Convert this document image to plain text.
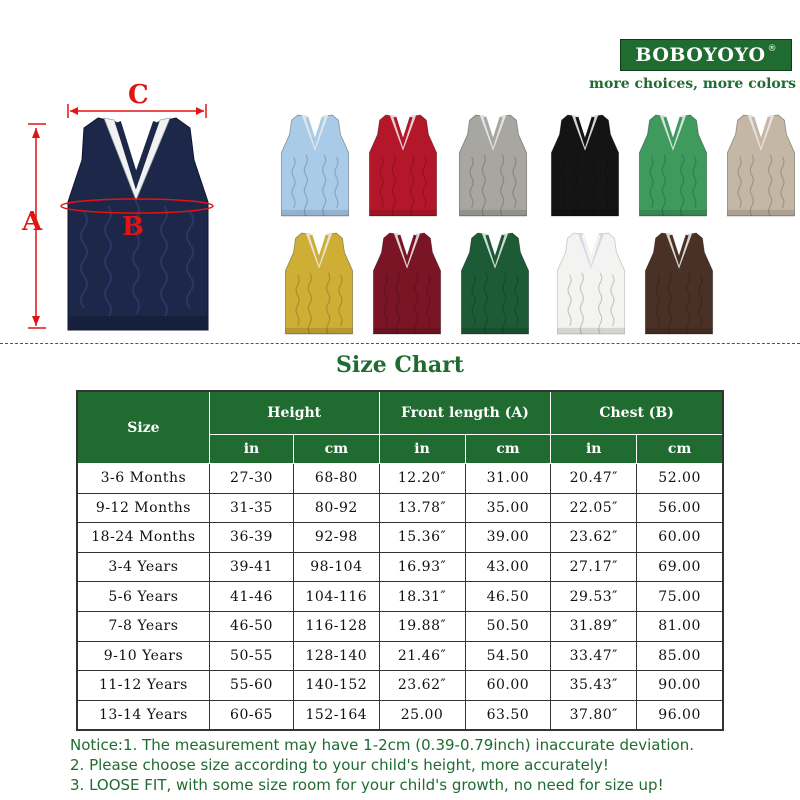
BOBOYOYO ®
more choices, more colors
C
A	B
Size Chart
Size	Height		Front length (A)		Chest (B)	
	in	cm	in	cm	in	cm
3-6 Months	27-30	68-80	12.20″	31.00	20.47″	52.00
9-12 Months	31-35	80-92	13.78″	35.00	22.05″	56.00
18-24 Months	36-39	92-98	15.36″	39.00	23.62″	60.00
3-4 Years	39-41	98-104	16.93″	43.00	27.17″	69.00
5-6 Years	41-46	104-116	18.31″	46.50	29.53″	75.00
7-8 Years	46-50	116-128	19.88″	50.50	31.89″	81.00
9-10 Years	50-55	128-140	21.46″	54.50	33.47″	85.00
11-12 Years	55-60	140-152	23.62″	60.00	35.43″	90.00
13-14 Years	60-65	152-164	25.00	63.50	37.80″	96.00
Notice:1. The measurement may have 1-2cm (0.39-0.79inch) inaccurate deviation.
2. Please choose size according to your child's height, more accurately!
3. LOOSE FIT, with some size room for your child's growth, no need for size up!
